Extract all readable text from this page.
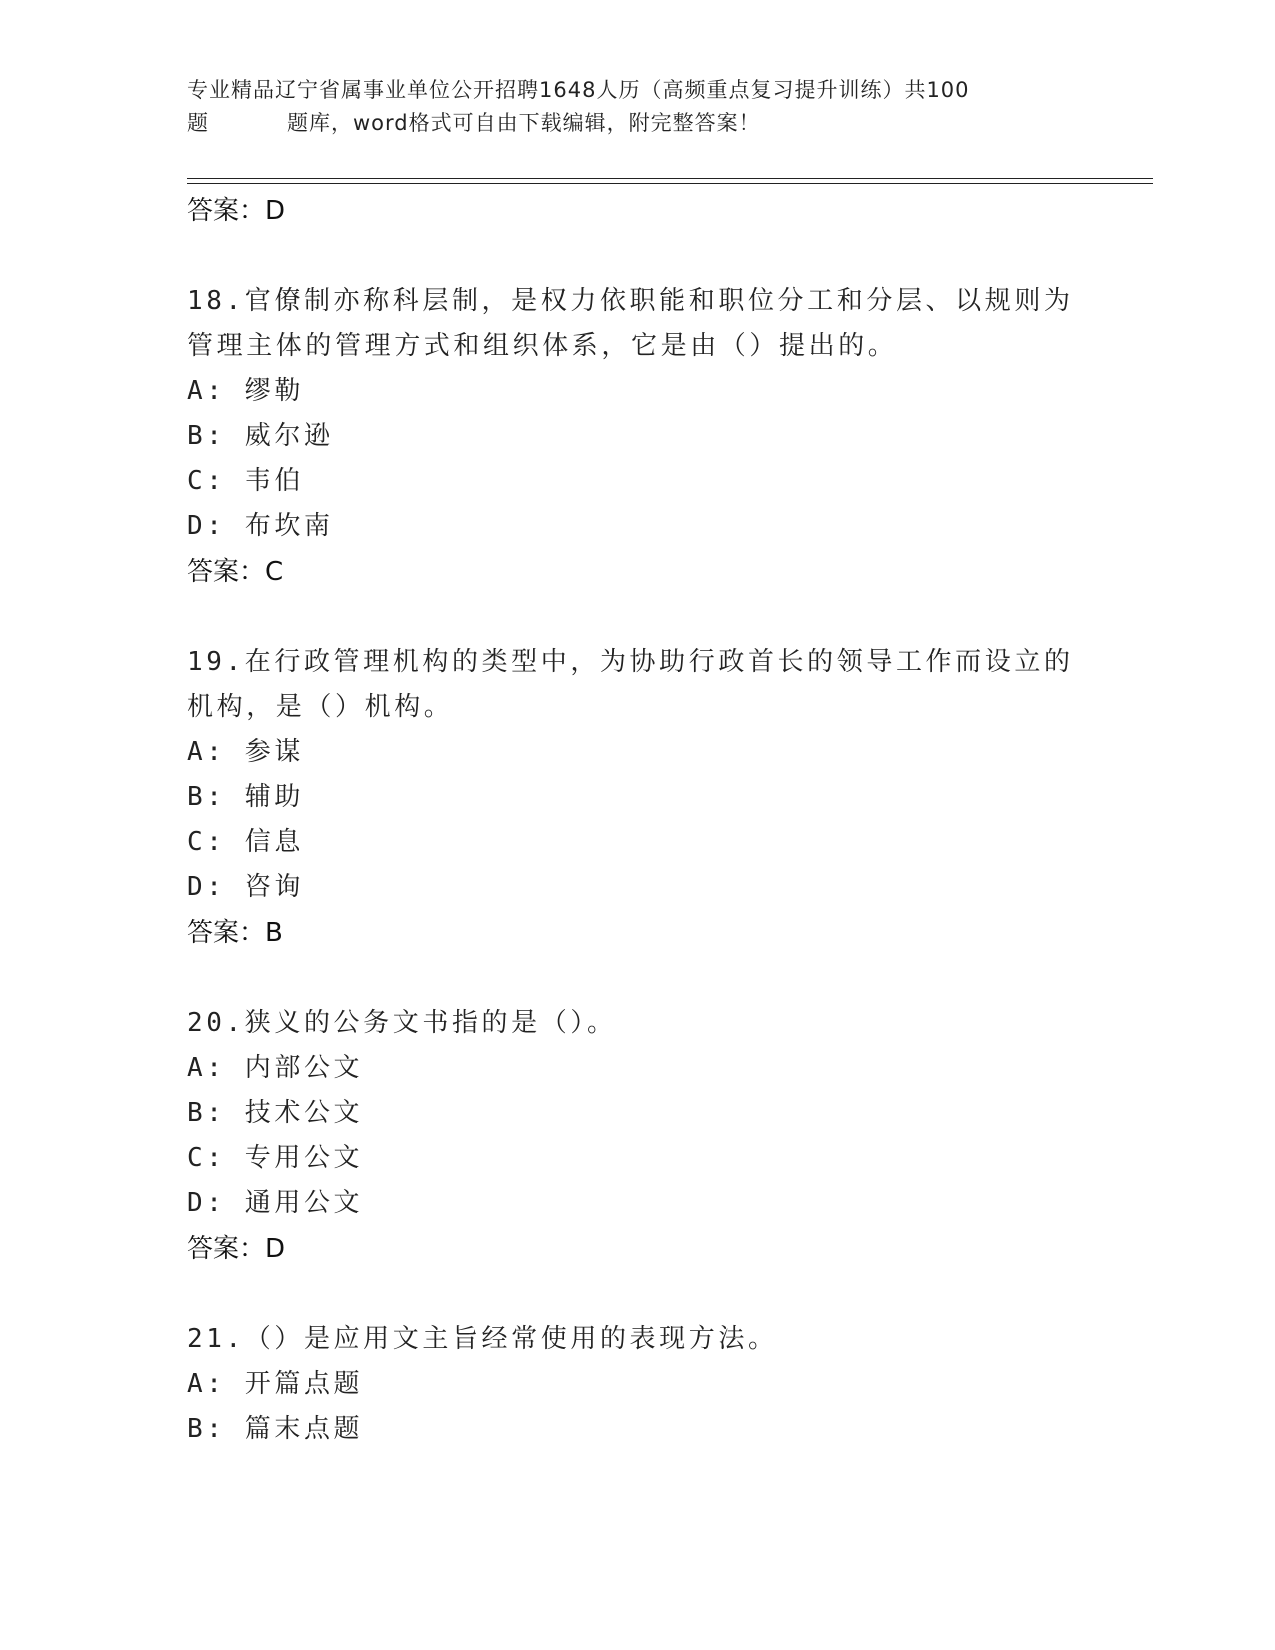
专业精品辽宁省属事业单位公开招聘1648人历（高频重点复习提升训练）共100
题	题库，word格式可自由下载编辑，附完整答案！
答案：D
18.官僚制亦称科层制，是权力依职能和职位分工和分层、以规则为管理主体的管理方式和组织体系，它是由（）提出的。
A: 缪勒
B: 威尔逊
C: 韦伯
D: 布坎南
答案：C
19.在行政管理机构的类型中，为协助行政首长的领导工作而设立的机构，是（）机构。
A: 参谋
B: 辅助
C: 信息
D: 咨询
答案：B
20.狭义的公务文书指的是（）。
A: 内部公文
B: 技术公文
C: 专用公文
D: 通用公文
答案：D
21.（）是应用文主旨经常使用的表现方法。
A: 开篇点题
B: 篇末点题
